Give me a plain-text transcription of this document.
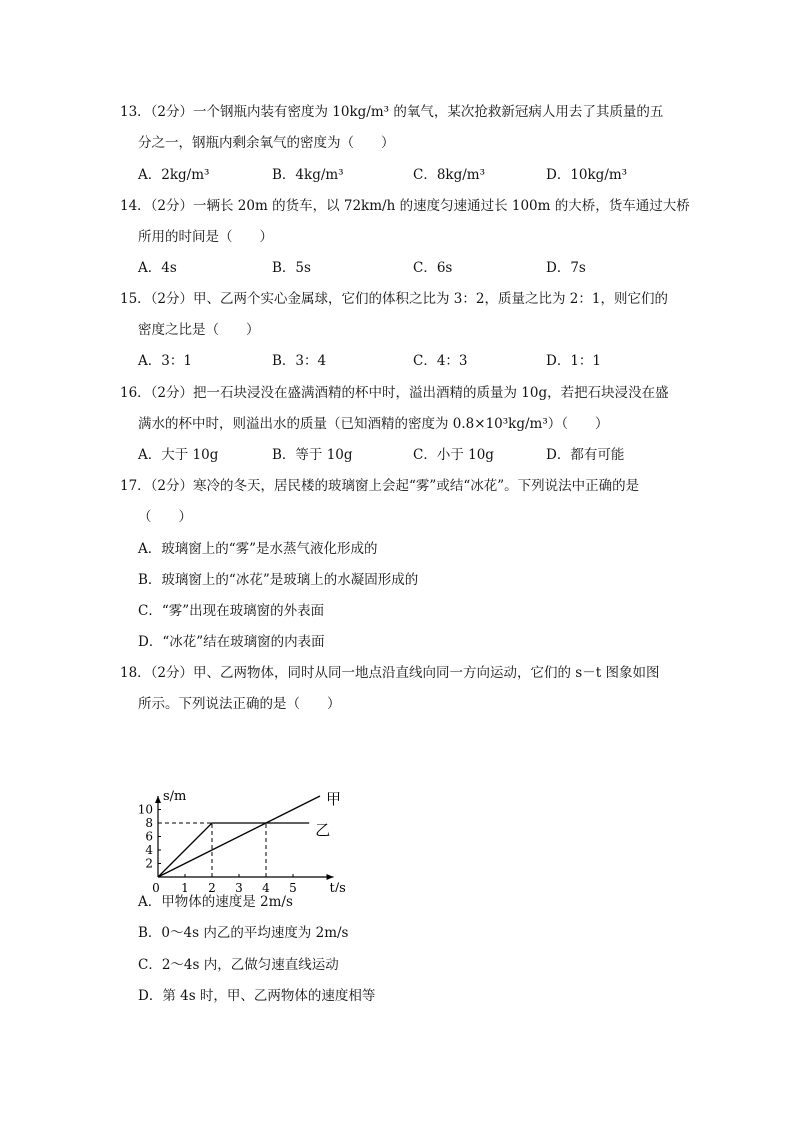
13．（2分）一个钢瓶内装有密度为 10kg/m³ 的氧气，某次抢救新冠病人用去了其质量的五
分之一，钢瓶内剩余氧气的密度为（　　）
A．2kg/m³	B．4kg/m³	C．8kg/m³	D．10kg/m³
14．（2分）一辆长 20m 的货车，以 72km/h 的速度匀速通过长 100m 的大桥，货车通过大桥
所用的时间是（　　）
A．4s	B．5s	C．6s	D．7s
15．（2分）甲、乙两个实心金属球，它们的体积之比为 3：2，质量之比为 2：1，则它们的
密度之比是（　　）
A．3：1	B．3：4	C．4：3	D．1：1
16．（2分）把一石块浸没在盛满酒精的杯中时，溢出酒精的质量为 10g，若把石块浸没在盛
满水的杯中时，则溢出水的质量（已知酒精的密度为 0.8×10³kg/m³）（　　）
A．大于 10g	B．等于 10g	C．小于 10g	D．都有可能
17．（2分）寒冷的冬天，居民楼的玻璃窗上会起“雾”或结“冰花”。下列说法中正确的是
（　　）
A．玻璃窗上的“雾”是水蒸气液化形成的
B．玻璃窗上的“冰花”是玻璃上的水凝固形成的
C．“雾”出现在玻璃窗的外表面
D．“冰花”结在玻璃窗的内表面
18．（2分）甲、乙两物体，同时从同一地点沿直线向同一方向运动，它们的 s－t 图象如图
所示。下列说法正确的是（　　）
t/s
s/m
0 1 2 3 4 5
2
4
6
8
10
甲
乙
A．甲物体的速度是 2m/s
B．0～4s 内乙的平均速度为 2m/s
C．2～4s 内，乙做匀速直线运动
D．第 4s 时，甲、乙两物体的速度相等
